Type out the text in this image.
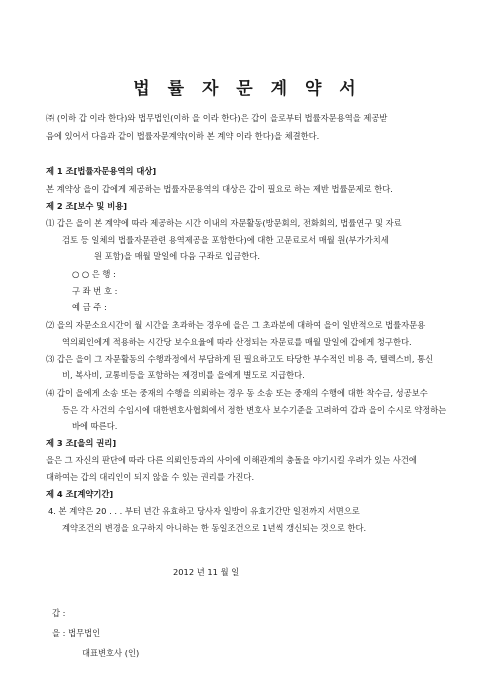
법 률 자 문 계 약 서
㈜ (이하 갑 이라 한다)와 법무법인(이하 을 이라 한다)은 갑이 을로부터 법률자문용역을 제공받
음에 있어서 다음과 같이 법률자문계약(이하 본 계약 이라 한다)을 체결한다.
제 1 조[법률자문용역의 대상]
본 계약상 을이 갑에게 제공하는 법률자문용역의 대상은 갑이 필요로 하는 제반 법률문제로 한다.
제 2 조[보수 및 비용]
⑴ 갑은 을이 본 계약에 따라 제공하는 시간 이내의 자문활동(방문회의, 전화회의, 법률연구 및 자료
검토 등 일체의 법률자문관련 용역제공을 포함한다)에 대한 고문료로서 매월 원(부가가치세
원 포함)을 매월 말일에 다음 구좌로 입금한다.
○ ○ 은 행 :
구 좌 번 호 :
예 금 주 :
⑵ 을의 자문소요시간이 월 시간을 초과하는 경우에 을은 그 초과분에 대하여 을이 일반적으로 법률자문용
역의뢰인에게 적용하는 시간당 보수요율에 따라 산정되는 자문료를 매월 말일에 갑에게 청구한다.
⑶ 갑은 을이 그 자문활동의 수행과정에서 부담하게 된 필요하고도 타당한 부수적인 비용 즉, 텔렉스비, 통신
비, 복사비, 교통비등을 포함하는 제경비를 을에게 별도로 지급한다.
⑷ 갑이 을에게 소송 또는 중재의 수행을 의뢰하는 경우 동 소송 또는 중재의 수행에 대한 착수금, 성공보수
등은 각 사건의 수임시에 대한변호사협회에서 정한 변호사 보수기준을 고려하여 갑과 을이 수시로 약정하는
바에 따른다.
제 3 조[을의 권리]
을은 그 자신의 판단에 따라 다른 의뢰인등과의 사이에 이해관계의 충돌을 야기시킬 우려가 있는 사건에
대하여는 갑의 대리인이 되지 않을 수 있는 권리를 가진다.
제 4 조[계약기간]
4. 본 계약은 20 . . . 부터 년간 유효하고 당사자 일방이 유효기간만 일전까지 서면으로
계약조건의 변경을 요구하지 아니하는 한 동일조건으로 1년씩 갱신되는 것으로 한다.
2012 년 11 월 일
갑 :
을 : 법무법인
대표변호사 (인)
